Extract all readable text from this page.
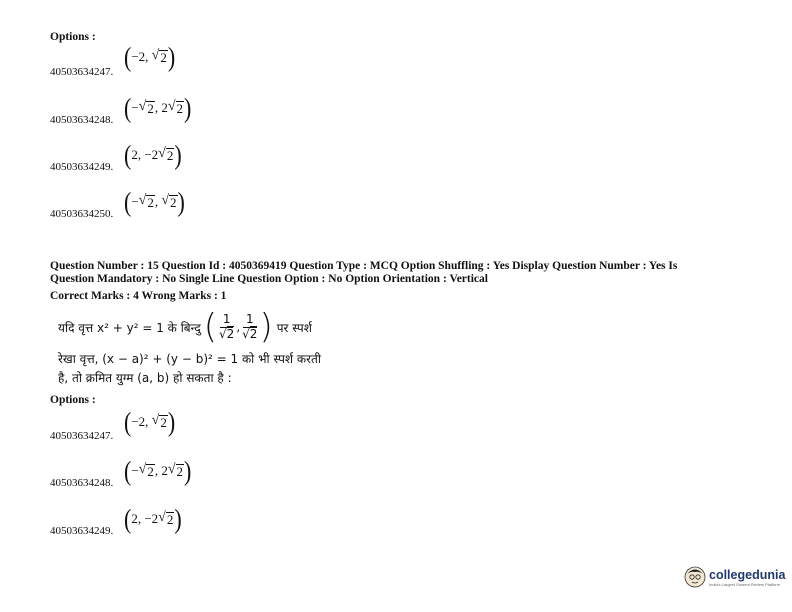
Options :
40503634247. ( −2 , √ 2 )
40503634248. ( − √ 2 , 2 √ 2 )
40503634249. ( 2 , − 2 √ 2 )
40503634250. ( − √ 2 , √ 2 )
Question Number : 15 Question Id : 4050369419 Question Type : MCQ Option Shuffling : Yes Display Question Number : Yes Is
Question Mandatory : No Single Line Question Option : No Option Orientation : Vertical
Correct Marks : 4 Wrong Marks : 1
यदि वृत्त x² + y² = 1 के बिन्दु ( $\frac{1}{√2}$ , $\frac{1}{√2}$ ) पर स्पर्श
रेखा वृत्त, (x − a)² + (y − b)² = 1 को भी स्पर्श करती
है, तो क्रमित युग्म (a, b) हो सकता है :
Options :
40503634247. ( −2 , √ 2 )
40503634248. ( − √ 2 , 2 √ 2 )
40503634249. ( 2 , − 2 √ 2 )
collegedunia
India's Largest Student Review Platform
